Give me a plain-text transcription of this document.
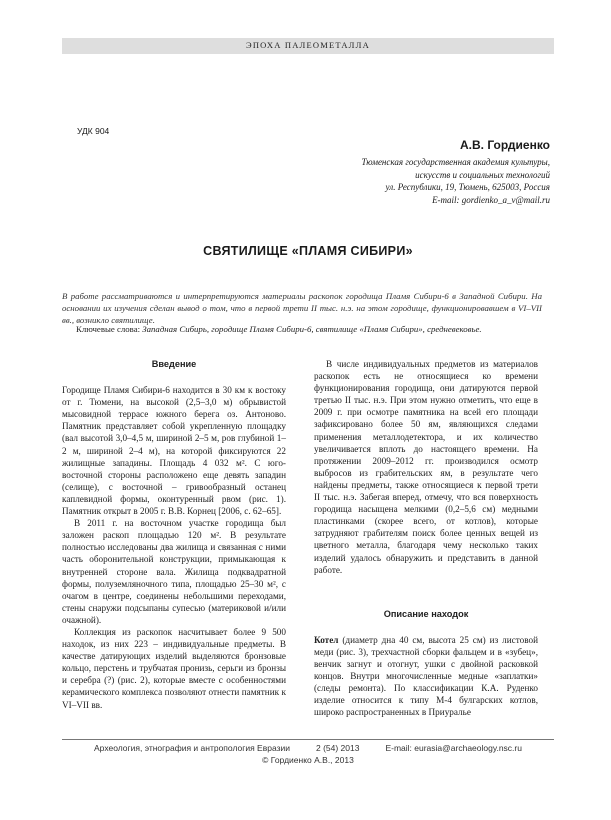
ЭПОХА ПАЛЕОМЕТАЛЛА
УДК 904
А.В. Гордиенко
Тюменская государственная академия культуры,
искусств и социальных технологий
ул. Республики, 19, Тюмень, 625003, Россия
E-mail: gordienko_a_v@mail.ru
СВЯТИЛИЩЕ «ПЛАМЯ СИБИРИ»
В работе рассматриваются и интерпретируются материалы раскопок городища Пламя Сибири-6 в Западной Сибири. На основании их изучения сделан вывод о том, что в первой трети II тыс. н.э. на этом городище, функционировавшем в VI–VII вв., возникло святилище.
Ключевые слова: Западная Сибирь, городище Пламя Сибири-6, святилище «Пламя Сибири», средневековье.
Введение

Городище Пламя Сибири-6 находится в 30 км к востоку от г. Тюмени, на высокой (2,5–3,0 м) обрывистой мысовидной террасе южного берега оз. Антоново. Памятник представляет собой укрепленную площадку (вал высотой 3,0–4,5 м, шириной 2–5 м, ров глубиной 1–2 м, шириной 2–4 м), на которой фиксируются 22 жилищные западины. Площадь 4 032 м². С юго-восточной стороны расположено еще девять западин (селище), с восточной – гривообразный останец каплевидной формы, оконтуренный рвом (рис. 1). Памятник открыт в 2005 г. В.В. Корнец [2006, с. 62–65].

В 2011 г. на восточном участке городища был заложен раскоп площадью 120 м². В результате полностью исследованы два жилища и связанная с ними часть оборонительной конструкции, примыкающая к внутренней стороне вала. Жилища подквадратной формы, полуземляночного типа, площадью 25–30 м², с очагом в центре, соединены небольшими переходами, стены снаружи подсыпаны супесью (материковой и/или очажной).

Коллекция из раскопок насчитывает более 9 500 находок, из них 223 – индивидуальные предметы. В качестве датирующих изделий выделяются бронзовые кольцо, перстень и трубчатая пронизь, серьги из бронзы и серебра (?) (рис. 2), которые вместе с особенностями керамического комплекса позволяют отнести памятник к VI–VII вв.

В числе индивидуальных предметов из материалов раскопок есть не относящиеся ко времени функционирования городища, они датируются первой третью II тыс. н.э. При этом нужно отметить, что еще в 2009 г. при осмотре памятника на всей его площади зафиксировано более 50 ям, являющихся следами применения металлодетектора, и их количество увеличивается вплоть до настоящего времени. На протяжении 2009–2012 гг. производился осмотр выбросов из грабительских ям, в результате чего найдены предметы, также относящиеся к первой трети II тыс. н.э. Забегая вперед, отмечу, что вся поверхность городища насыщена мелкими (0,2–5,6 см) медными пластинками (скорее всего, от котлов), которые затрудняют грабителям поиск более ценных вещей из цветного металла, благодаря чему несколько таких изделий удалось обнаружить и представить в данной работе.

Описание находок

Котел (диаметр дна 40 см, высота 25 см) из листовой меди (рис. 3), трехчастной сборки фальцем и в «зубец», венчик загнут и отогнут, ушки с двойной расковкой концов. Внутри многочисленные медные «заплатки» (следы ремонта). По классификации К.А. Руденко изделие относится к типу М-4 булгарских котлов, широко распространенных в Приуралье

Археология, этнография и антропология Евразии	2 (54) 2013	E-mail: eurasia@archaeology.nsc.ru
© Гордиенко А.В., 2013
